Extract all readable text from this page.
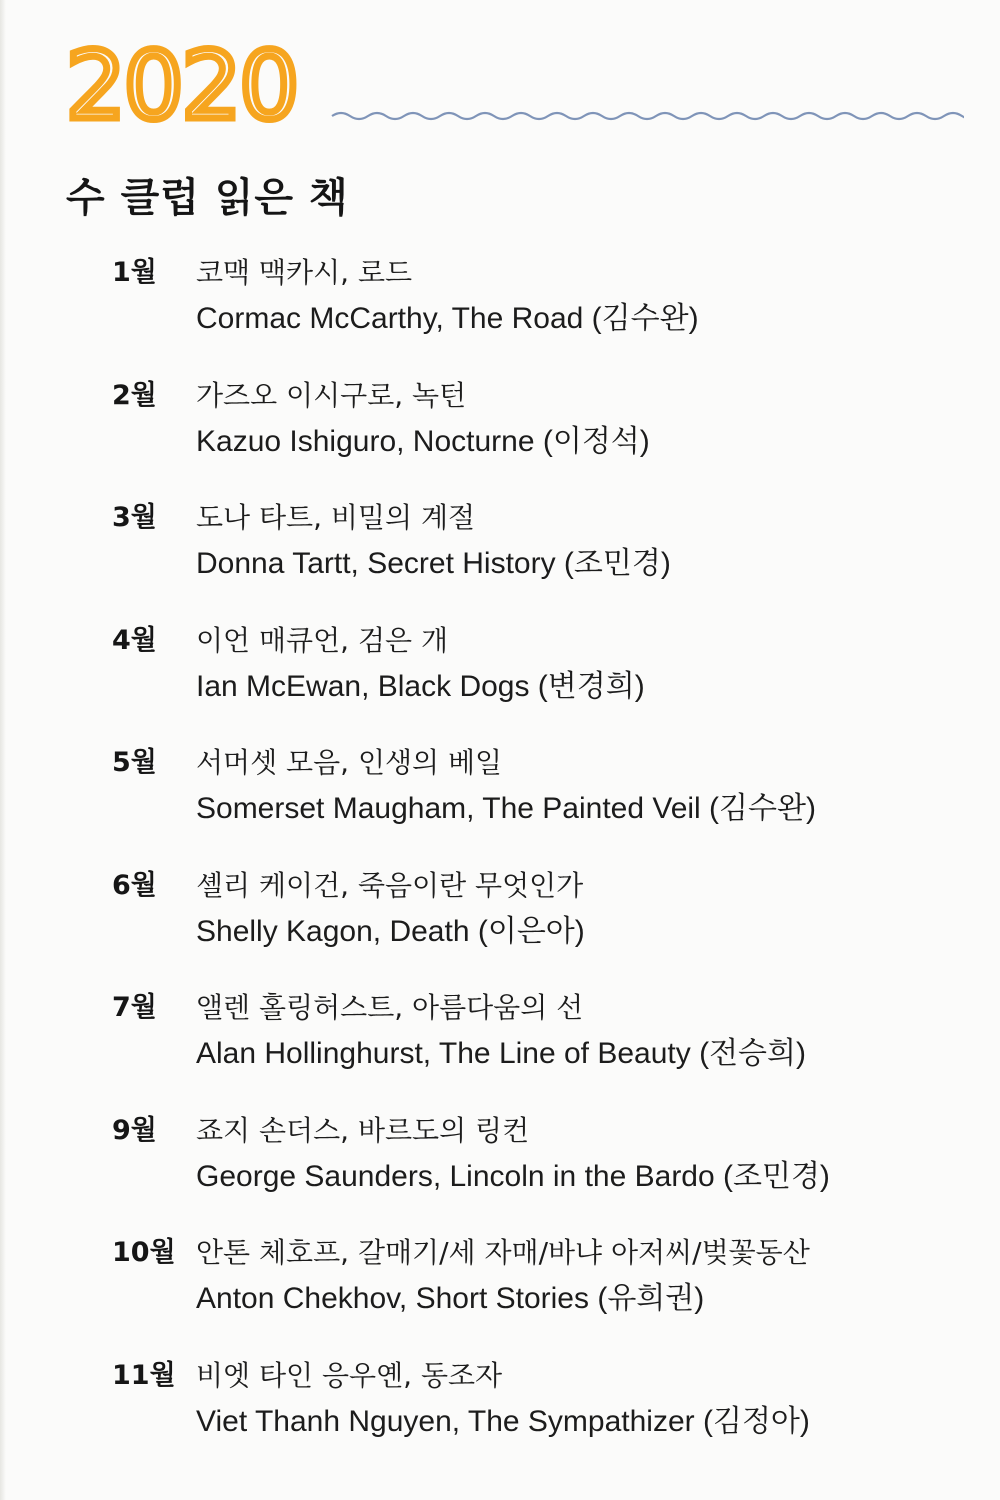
2020
수 클럽 읽은 책
1월 코맥 맥카시, 로드
Cormac McCarthy, The Road (김수완)
2월 가즈오 이시구로, 녹턴
Kazuo Ishiguro, Nocturne (이정석)
3월 도나 타트, 비밀의 계절
Donna Tartt, Secret History (조민경)
4월 이언 매큐언, 검은 개
Ian McEwan, Black Dogs (변경희)
5월 서머셋 모음, 인생의 베일
Somerset Maugham, The Painted Veil (김수완)
6월 셸리 케이건, 죽음이란 무엇인가
Shelly Kagon, Death (이은아)
7월 앨렌 홀링허스트, 아름다움의 선
Alan Hollinghurst, The Line of Beauty (전승희)
9월 죠지 손더스, 바르도의 링컨
George Saunders, Lincoln in the Bardo (조민경)
10월 안톤 체호프, 갈매기/세 자매/바냐 아저씨/벚꽃동산
Anton Chekhov, Short Stories (유희권)
11월 비엣 타인 응우옌, 동조자
Viet Thanh Nguyen, The Sympathizer (김정아)
